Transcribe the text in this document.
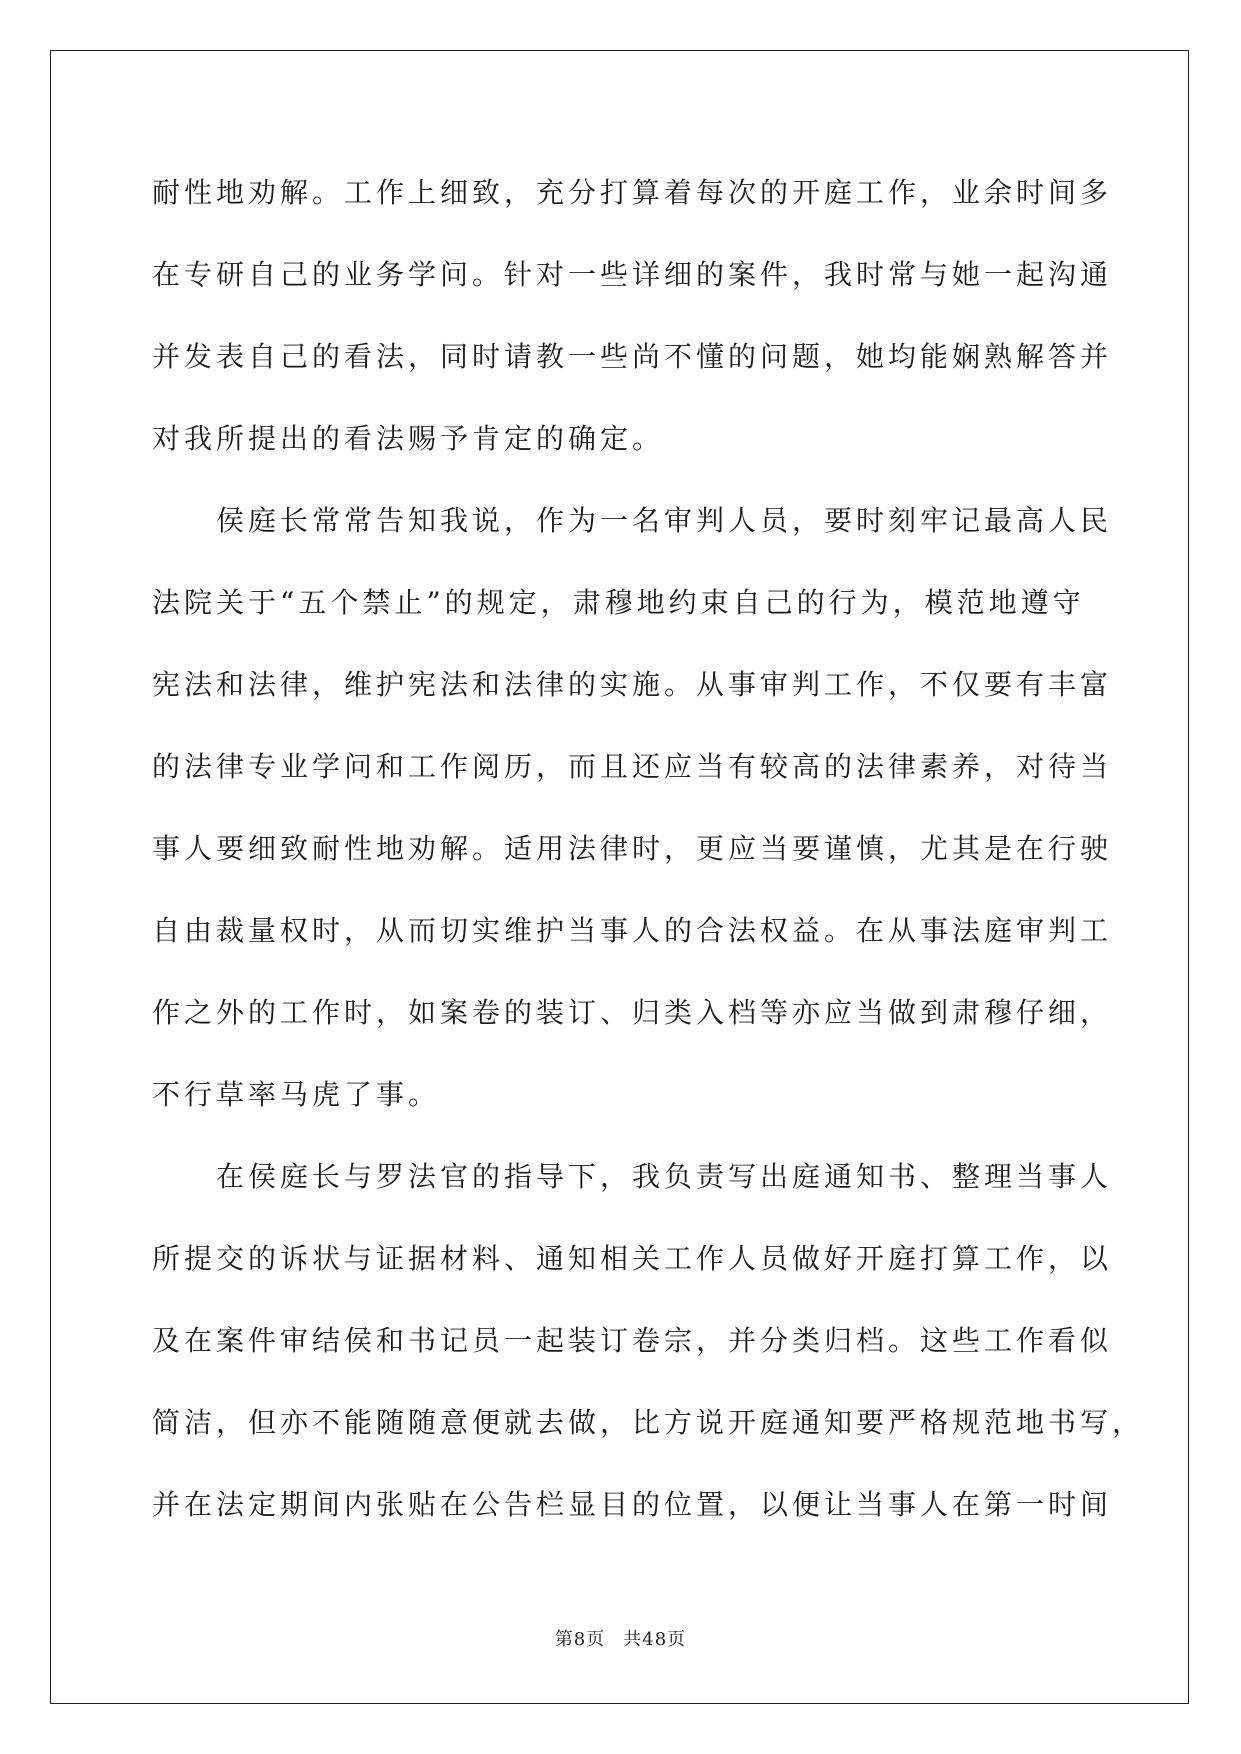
耐性地劝解。工作上细致，充分打算着每次的开庭工作，业余时间多
在专研自己的业务学问。针对一些详细的案件，我时常与她一起沟通
并发表自己的看法，同时请教一些尚不懂的问题，她均能娴熟解答并
对我所提出的看法赐予肯定的确定。
侯庭长常常告知我说，作为一名审判人员，要时刻牢记最高人民
法院关于“五个禁止”的规定，肃穆地约束自己的行为，模范地遵守
宪法和法律，维护宪法和法律的实施。从事审判工作，不仅要有丰富
的法律专业学问和工作阅历，而且还应当有较高的法律素养，对待当
事人要细致耐性地劝解。适用法律时，更应当要谨慎，尤其是在行驶
自由裁量权时，从而切实维护当事人的合法权益。在从事法庭审判工
作之外的工作时，如案卷的装订、归类入档等亦应当做到肃穆仔细，
不行草率马虎了事。
在侯庭长与罗法官的指导下，我负责写出庭通知书、整理当事人
所提交的诉状与证据材料、通知相关工作人员做好开庭打算工作，以
及在案件审结侯和书记员一起装订卷宗，并分类归档。这些工作看似
简洁，但亦不能随随意便就去做，比方说开庭通知要严格规范地书写，
并在法定期间内张贴在公告栏显目的位置，以便让当事人在第一时间
第8页 共48页
